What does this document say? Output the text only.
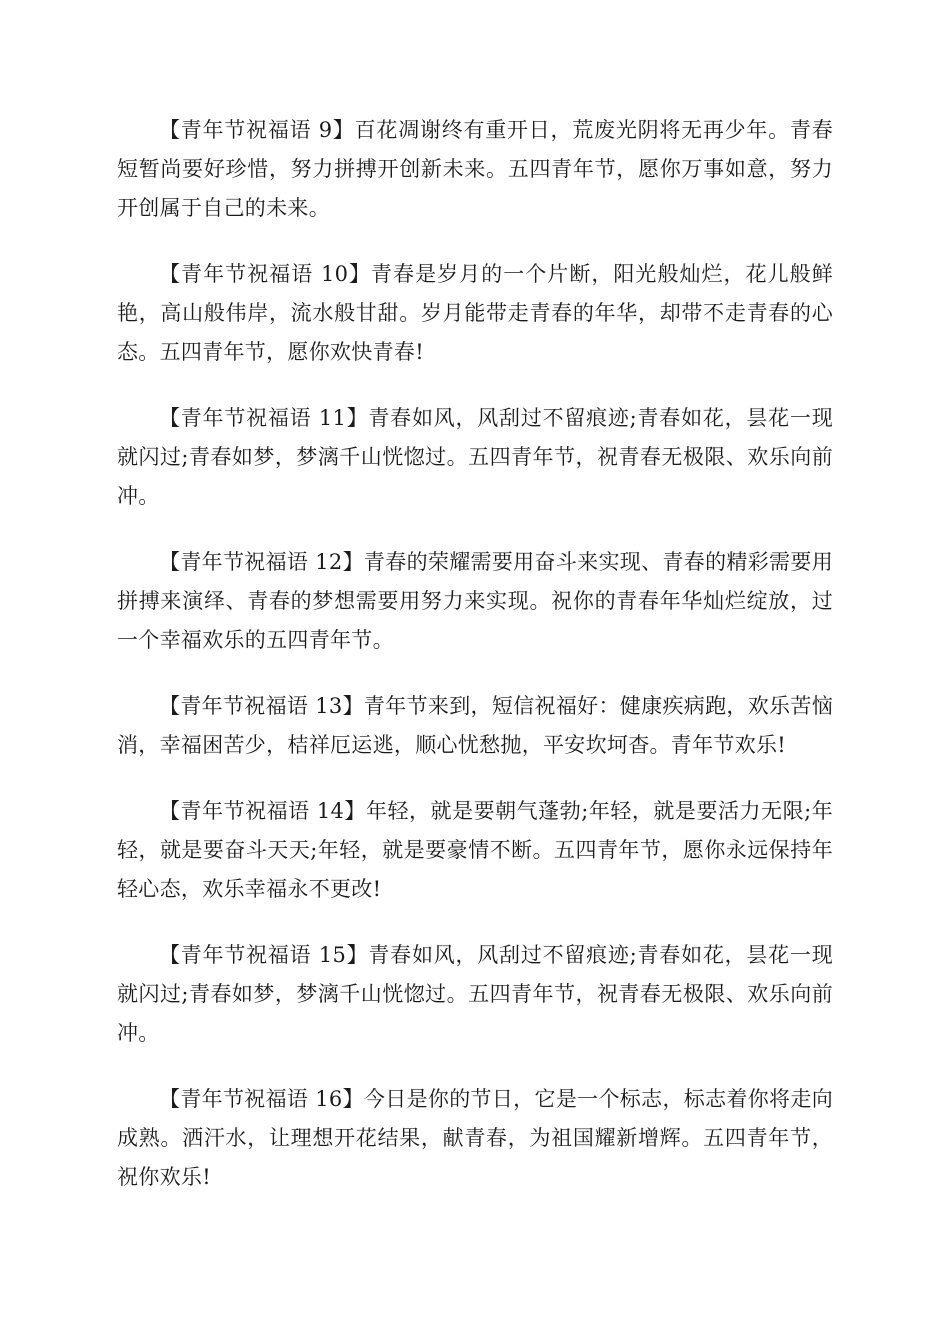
【青年节祝福语 9】百花凋谢终有重开日，荒废光阴将无再少年。青春短暂尚要好珍惜，努力拼搏开创新未来。五四青年节，愿你万事如意，努力开创属于自己的未来。

【青年节祝福语 10】青春是岁月的一个片断，阳光般灿烂，花儿般鲜艳，高山般伟岸，流水般甘甜。岁月能带走青春的年华，却带不走青春的心态。五四青年节，愿你欢快青春!

【青年节祝福语 11】青春如风，风刮过不留痕迹;青春如花，昙花一现就闪过;青春如梦，梦漓千山恍惚过。五四青年节，祝青春无极限、欢乐向前冲。

【青年节祝福语 12】青春的荣耀需要用奋斗来实现、青春的精彩需要用拼搏来演绎、青春的梦想需要用努力来实现。祝你的青春年华灿烂绽放，过一个幸福欢乐的五四青年节。

【青年节祝福语 13】青年节来到，短信祝福好：健康疾病跑，欢乐苦恼消，幸福困苦少，桔祥厄运逃，顺心忧愁抛，平安坎坷杳。青年节欢乐!

【青年节祝福语 14】年轻，就是要朝气蓬勃;年轻，就是要活力无限;年轻，就是要奋斗天天;年轻，就是要豪情不断。五四青年节，愿你永远保持年轻心态，欢乐幸福永不更改!

【青年节祝福语 15】青春如风，风刮过不留痕迹;青春如花，昙花一现就闪过;青春如梦，梦漓千山恍惚过。五四青年节，祝青春无极限、欢乐向前冲。

【青年节祝福语 16】今日是你的节日，它是一个标志，标志着你将走向成熟。洒汗水，让理想开花结果，献青春，为祖国耀新增辉。五四青年节，祝你欢乐!
